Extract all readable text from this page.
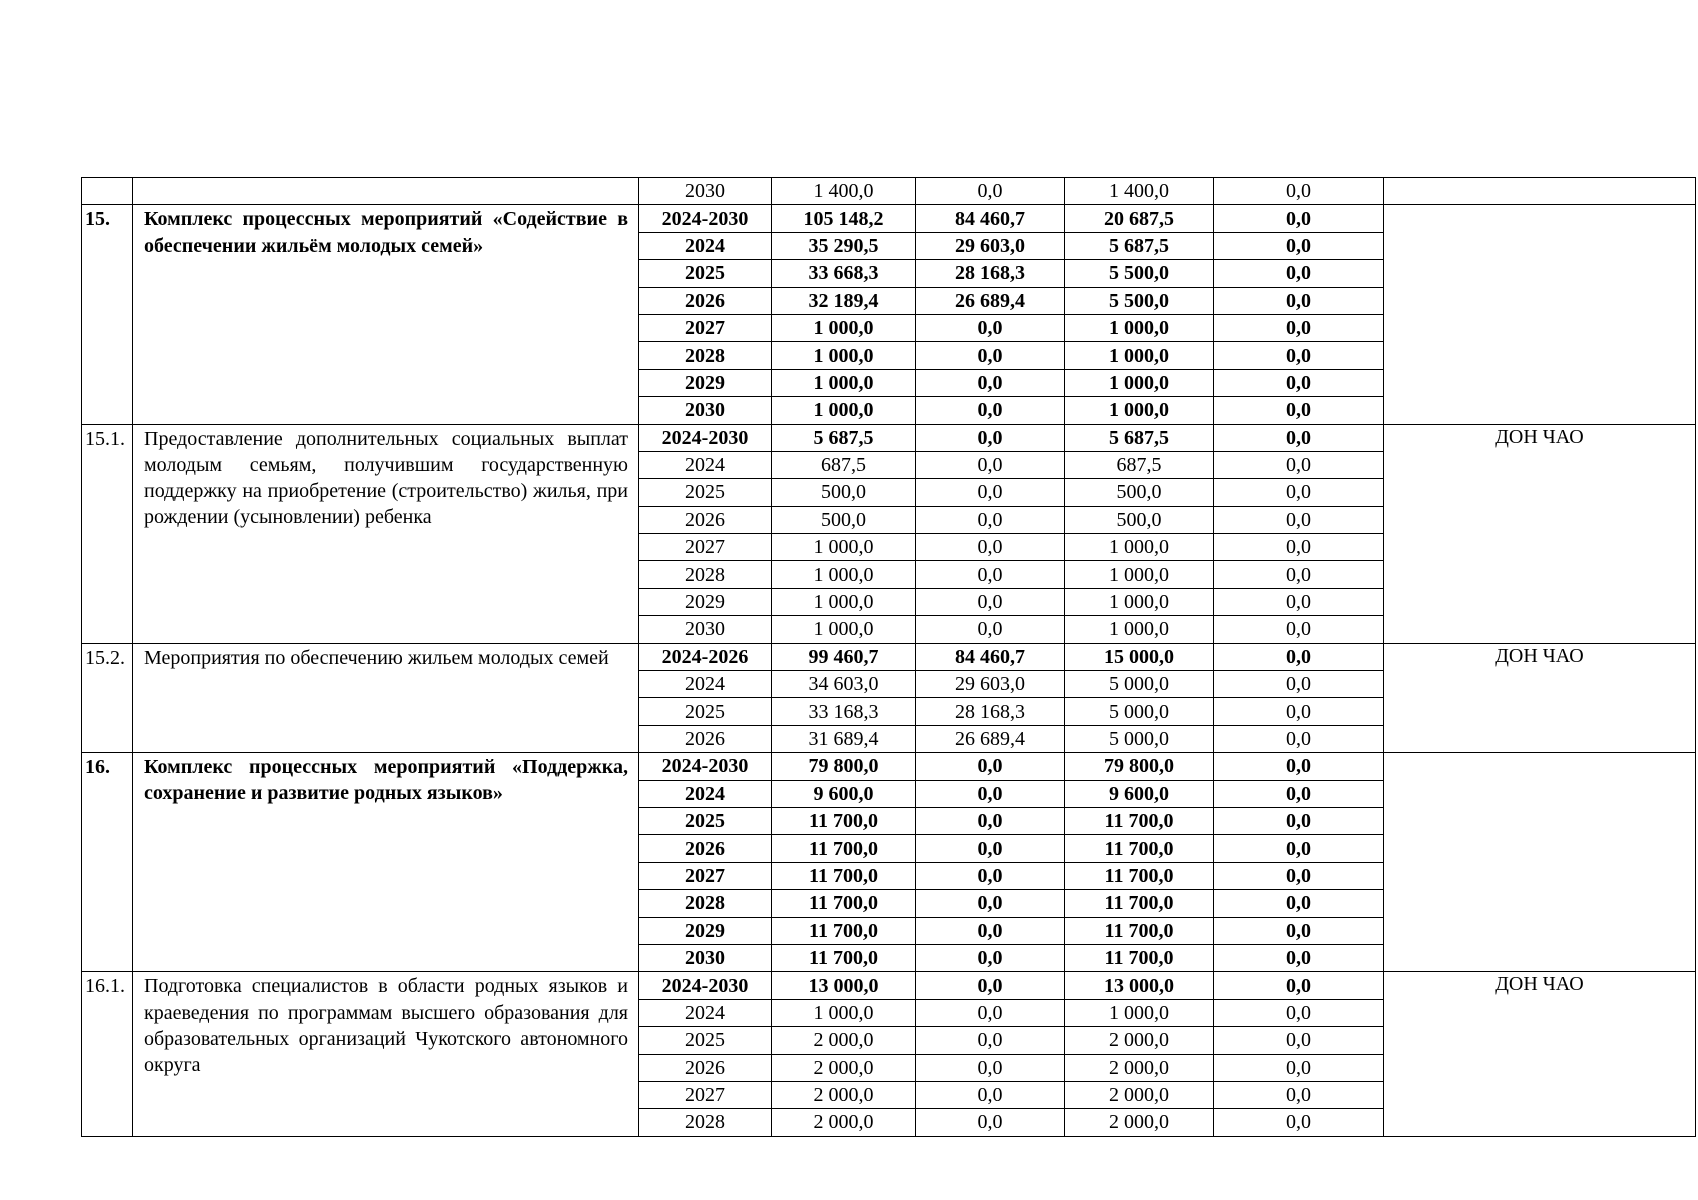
		2030	1 400,0	0,0	1 400,0	0,0	
15.	Комплекс процессных мероприятий «Содействие в обеспечении жильём молодых семей»	2024-2030	105 148,2	84 460,7	20 687,5	0,0	
		2024	35 290,5	29 603,0	5 687,5	0,0	
		2025	33 668,3	28 168,3	5 500,0	0,0	
		2026	32 189,4	26 689,4	5 500,0	0,0	
		2027	1 000,0	0,0	1 000,0	0,0	
		2028	1 000,0	0,0	1 000,0	0,0	
		2029	1 000,0	0,0	1 000,0	0,0	
		2030	1 000,0	0,0	1 000,0	0,0	
15.1.	Предоставление дополнительных социальных выплат молодым семьям, получившим государственную поддержку на приобретение (строительство) жилья, при рождении (усыновлении) ребенка	2024-2030	5 687,5	0,0	5 687,5	0,0	ДОН ЧАО
		2024	687,5	0,0	687,5	0,0	
		2025	500,0	0,0	500,0	0,0	
		2026	500,0	0,0	500,0	0,0	
		2027	1 000,0	0,0	1 000,0	0,0	
		2028	1 000,0	0,0	1 000,0	0,0	
		2029	1 000,0	0,0	1 000,0	0,0	
		2030	1 000,0	0,0	1 000,0	0,0	
15.2.	Мероприятия по обеспечению жильем молодых семей	2024-2026	99 460,7	84 460,7	15 000,0	0,0	ДОН ЧАО
		2024	34 603,0	29 603,0	5 000,0	0,0	
		2025	33 168,3	28 168,3	5 000,0	0,0	
		2026	31 689,4	26 689,4	5 000,0	0,0	
16.	Комплекс процессных мероприятий «Поддержка, сохранение и развитие родных языков»	2024-2030	79 800,0	0,0	79 800,0	0,0	
		2024	9 600,0	0,0	9 600,0	0,0	
		2025	11 700,0	0,0	11 700,0	0,0	
		2026	11 700,0	0,0	11 700,0	0,0	
		2027	11 700,0	0,0	11 700,0	0,0	
		2028	11 700,0	0,0	11 700,0	0,0	
		2029	11 700,0	0,0	11 700,0	0,0	
		2030	11 700,0	0,0	11 700,0	0,0	
16.1.	Подготовка специалистов в области родных языков и краеведения по программам высшего образования для образовательных организаций Чукотского автономного округа	2024-2030	13 000,0	0,0	13 000,0	0,0	ДОН ЧАО
		2024	1 000,0	0,0	1 000,0	0,0	
		2025	2 000,0	0,0	2 000,0	0,0	
		2026	2 000,0	0,0	2 000,0	0,0	
		2027	2 000,0	0,0	2 000,0	0,0	
		2028	2 000,0	0,0	2 000,0	0,0	
